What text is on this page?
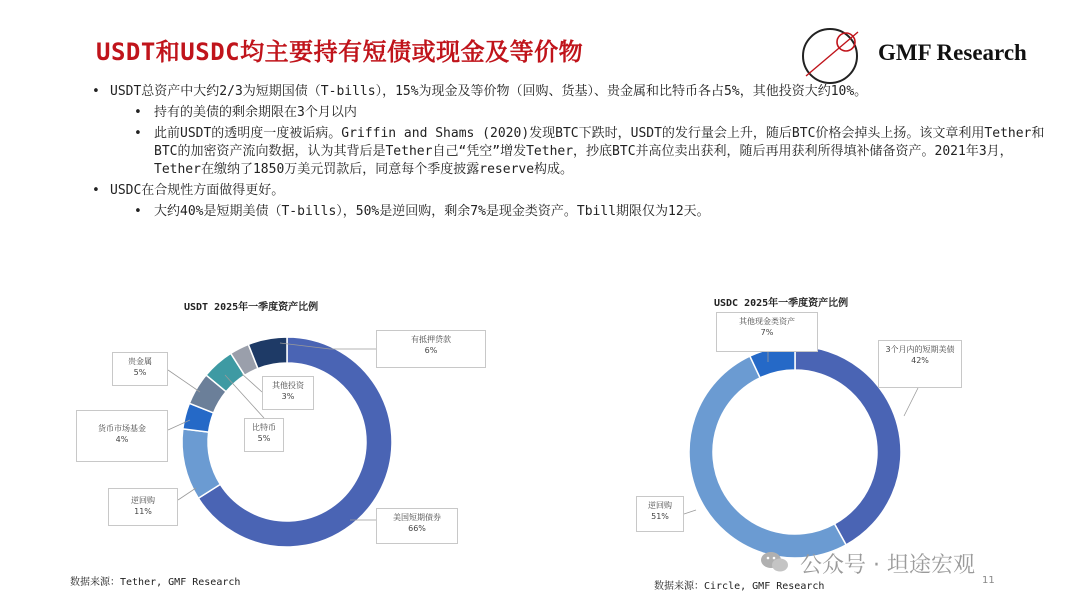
USDT和USDC均主要持有短债或现金及等价物	GMF Research
• USDT总资产中大约2/3为短期国债（T-bills），15%为现金及等价物（回购、货基）、贵金属和比特币各占5%，其他投资大约10%。
• 持有的美债的剩余期限在3个月以内
• 此前USDT的透明度一度被诟病。Griffin and Shams (2020)发现BTC下跌时，USDT的发行量会上升，随后BTC价格会掉头上扬。该文章利用Tether和BTC的加密资产流向数据，认为其背后是Tether自己“凭空”增发Tether，抄底BTC并高位卖出获利，随后再用获利所得填补储备资产。2021年3月，Tether在缴纳了1850万美元罚款后，同意每个季度披露reserve构成。
• USDC在合规性方面做得更好。
• 大约40%是短期美债（T-bills），50%是逆回购，剩余7%是现金类资产。Tbill期限仅为12天。
USDT 2025年一季度资产比例
有抵押贷款
6%
贵金属
5%
其他投资
3%
货币市场基金
4%
比特币
5%
逆回购
11%
美国短期债券
66%
USDC 2025年一季度资产比例
其他现金类资产
7%
3个月内的短期美债
42%
逆回购
51%
数据来源：Tether, GMF Research	数据来源：Circle, GMF Research
公众号 · 坦途宏观
11
